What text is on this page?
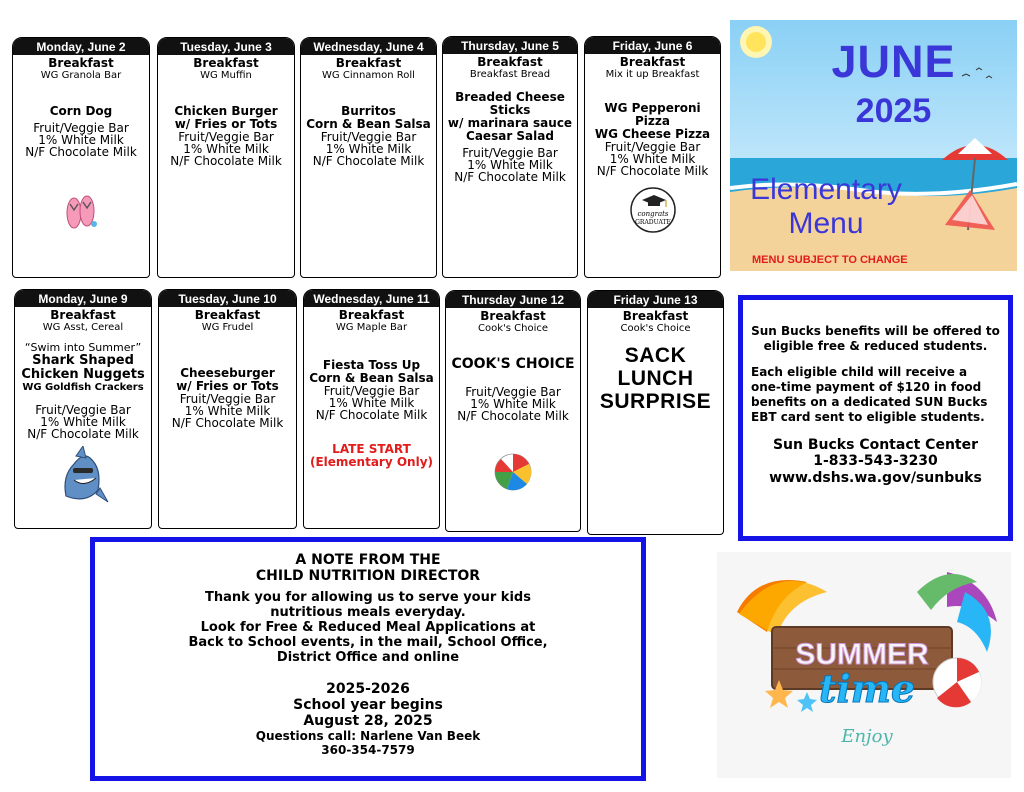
Monday, June 2
Breakfast
WG Granola Bar
Corn Dog
Fruit/Veggie Bar
1% White Milk
N/F Chocolate Milk
Tuesday, June 3
Breakfast
WG Muffin
Chicken Burger
w/ Fries or Tots
Fruit/Veggie Bar
1% White Milk
N/F Chocolate Milk
Wednesday, June 4
Breakfast
WG Cinnamon Roll
Burritos
Corn & Bean Salsa
Fruit/Veggie Bar
1% White Milk
N/F Chocolate Milk
Thursday, June 5
Breakfast
Breakfast Bread
Breaded Cheese
Sticks
w/ marinara sauce
Caesar Salad
Fruit/Veggie Bar
1% White Milk
N/F Chocolate Milk
Friday, June 6
Breakfast
Mix it up Breakfast
WG Pepperoni Pizza
WG Cheese Pizza
Fruit/Veggie Bar
1% White Milk
N/F Chocolate Milk
congrats
GRADUATE
Monday, June 9
Breakfast
WG Asst, Cereal
“Swim into Summer”
Shark Shaped
Chicken Nuggets
WG Goldfish Crackers
Fruit/Veggie Bar
1% White Milk
N/F Chocolate Milk
Tuesday, June 10
Breakfast
WG Frudel
Cheeseburger
w/ Fries or Tots
Fruit/Veggie Bar
1% White Milk
N/F Chocolate Milk
Wednesday, June 11
Breakfast
WG Maple Bar
Fiesta Toss Up
Corn & Bean Salsa
Fruit/Veggie Bar
1% White Milk
N/F Chocolate Milk
LATE START
(Elementary Only)
Thursday June 12
Breakfast
Cook's Choice
COOK'S CHOICE
Fruit/Veggie Bar
1% White Milk
N/F Chocolate Milk
Friday June 13
Breakfast
Cook's Choice
SACK
LUNCH
SURPRISE
JUNE
2025
Elementary
Menu
MENU SUBJECT TO CHANGE
Sun Bucks benefits will be offered to eligible free & reduced students.
Each eligible child will receive a one-time payment of $120 in food benefits on a dedicated SUN Bucks EBT card sent to eligible students.
Sun Bucks Contact Center
1-833-543-3230
www.dshs.wa.gov/sunbuks
A NOTE FROM THE
CHILD NUTRITION DIRECTOR
Thank you for allowing us to serve your kids
nutritious meals everyday.
Look for Free & Reduced Meal Applications at
Back to School events, in the mail, School Office,
District Office and online
2025-2026
School year begins
August 28, 2025
Questions call: Narlene Van Beek
360-354-7579
SUMMER
time
Enjoy
